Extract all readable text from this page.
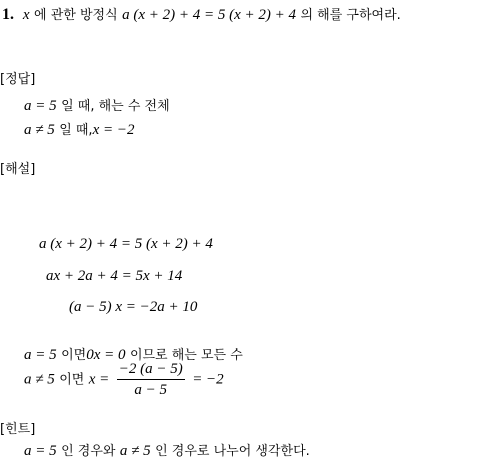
1. x 에 관한 방정식 a (x + 2) + 4 = 5 (x + 2) + 4 의 해를 구하여라.
[정답]
a = 5 일 때, 해는 수 전체
a ≠ 5 일 때,x = −2
[해설]
a (x + 2) + 4 = 5 (x + 2) + 4
ax + 2a + 4 = 5x + 14
(a − 5) x = −2a + 10
a = 5 이면0x = 0 이므로 해는 모든 수
a ≠ 5 이면 $x = \frac{-2 (a - 5)}{a - 5} = -2$
[힌트]
a = 5 인 경우와 a ≠ 5 인 경우로 나누어 생각한다.
